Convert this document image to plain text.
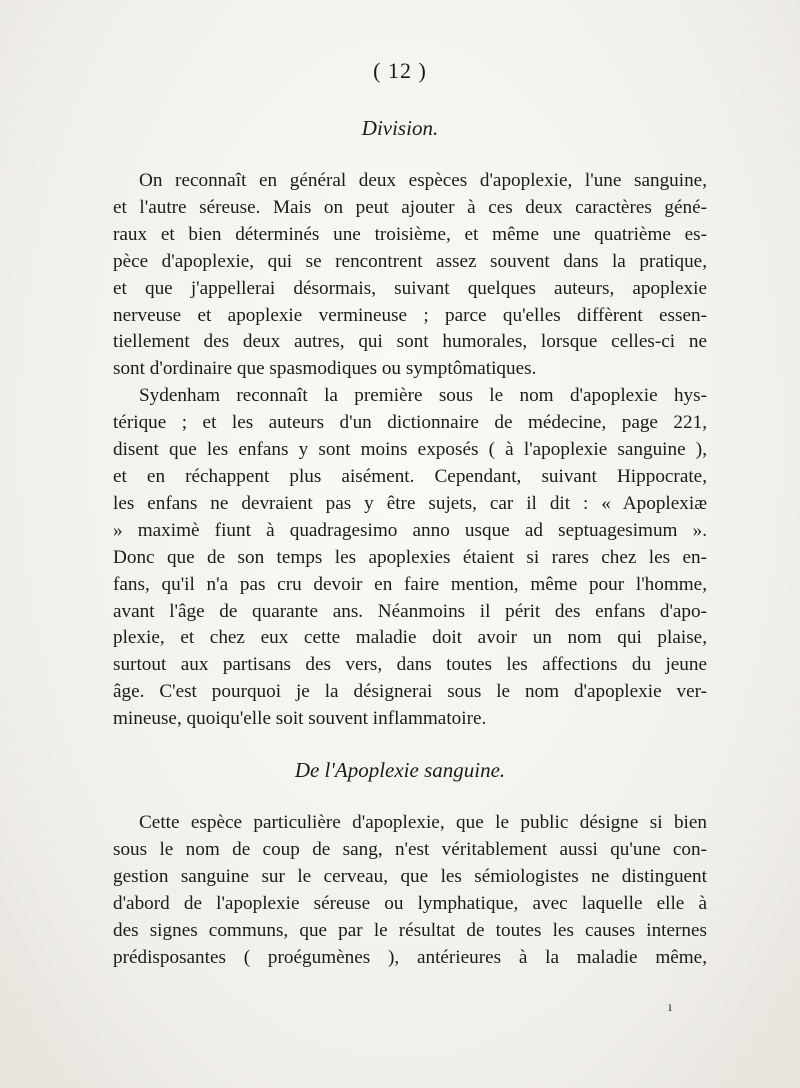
( 12 )
Division.
On reconnaît en général deux espèces d'apoplexie, l'une sanguine,
et l'autre séreuse. Mais on peut ajouter à ces deux caractères géné-
raux et bien déterminés une troisième, et même une quatrième es-
pèce d'apoplexie, qui se rencontrent assez souvent dans la pratique,
et que j'appellerai désormais, suivant quelques auteurs, apoplexie
nerveuse et apoplexie vermineuse ; parce qu'elles diffèrent essen-
tiellement des deux autres, qui sont humorales, lorsque celles-ci ne
sont d'ordinaire que spasmodiques ou symptômatiques.
Sydenham reconnaît la première sous le nom d'apoplexie hys-
térique ; et les auteurs d'un dictionnaire de médecine, page 221,
disent que les enfans y sont moins exposés ( à l'apoplexie sanguine ),
et en réchappent plus aisément. Cependant, suivant Hippocrate,
les enfans ne devraient pas y être sujets, car il dit : « Apoplexiæ
» maximè fiunt à quadragesimo anno usque ad septuagesimum ».
Donc que de son temps les apoplexies étaient si rares chez les en-
fans, qu'il n'a pas cru devoir en faire mention, même pour l'homme,
avant l'âge de quarante ans. Néanmoins il périt des enfans d'apo-
plexie, et chez eux cette maladie doit avoir un nom qui plaise,
surtout aux partisans des vers, dans toutes les affections du jeune
âge. C'est pourquoi je la désignerai sous le nom d'apoplexie ver-
mineuse, quoiqu'elle soit souvent inflammatoire.
De l'Apoplexie sanguine.
Cette espèce particulière d'apoplexie, que le public désigne si bien
sous le nom de coup de sang, n'est véritablement aussi qu'une con-
gestion sanguine sur le cerveau, que les sémiologistes ne distinguent
d'abord de l'apoplexie séreuse ou lymphatique, avec laquelle elle à
des signes communs, que par le résultat de toutes les causes internes
prédisposantes ( proégumènes ), antérieures à la maladie même,
ı
